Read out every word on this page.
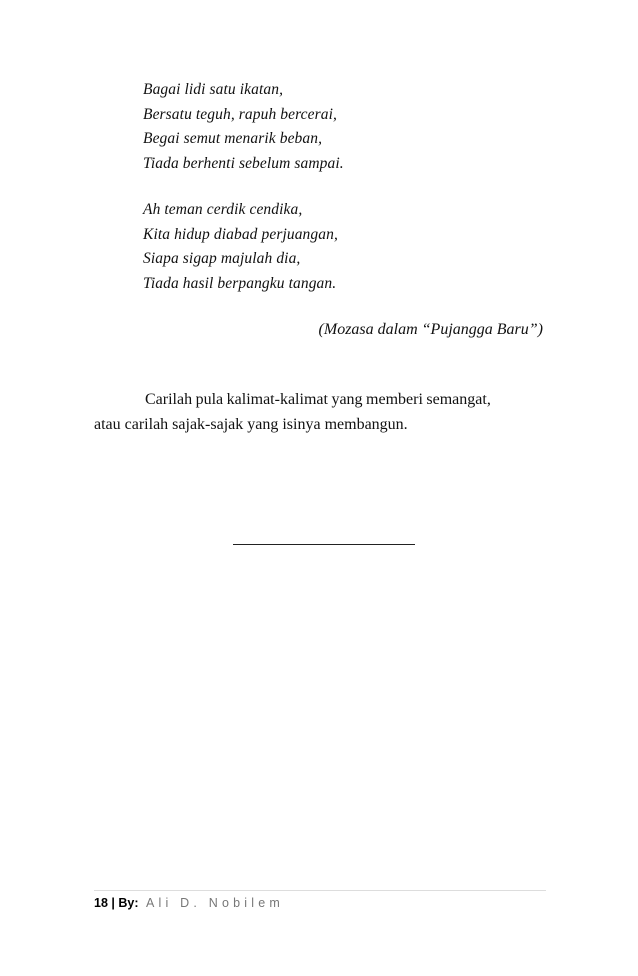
Bagai lidi satu ikatan,
Bersatu teguh, rapuh bercerai,
Begai semut menarik beban,
Tiada berhenti sebelum sampai.
Ah teman cerdik cendika,
Kita hidup diabad perjuangan,
Siapa sigap majulah dia,
Tiada hasil berpangku tangan.
(Mozasa dalam “Pujangga Baru”)
Carilah pula kalimat-kalimat yang memberi semangat,
atau carilah sajak-sajak yang isinya membangun.
18 | By: Ali D. Nobilem
